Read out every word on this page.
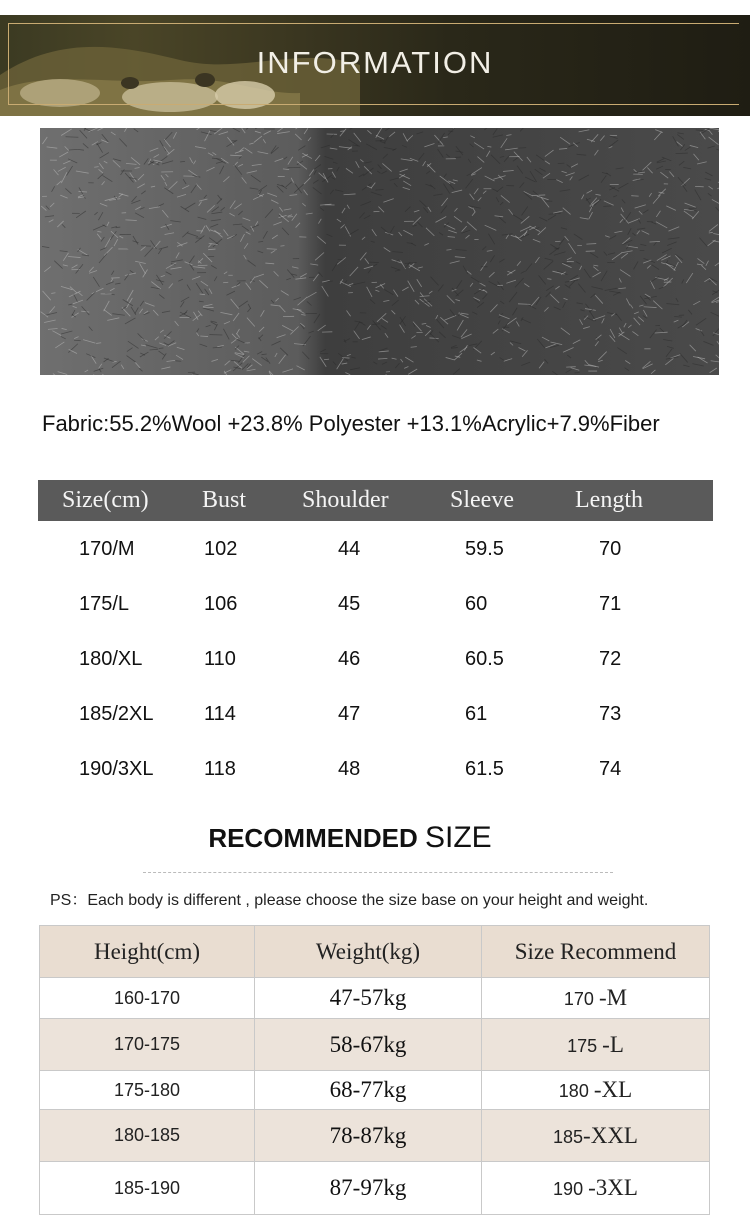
INFORMATION
Fabric:55.2%Wool +23.8% Polyester +13.1%Acrylic+7.9%Fiber
Size(cm) Bust Shoulder	Sleeve	Length
170/M	102	44	59.5	70
175/L	106	45	60	71
180/XL	110	46	60.5	72
185/2XL	114	47	61	73
190/3XL	118	48	61.5	74
RECOMMENDED SIZE
PS：Each body is different , please choose the size base on your height and weight.
Height(cm)	Weight(kg)	Size Recommend
160-170	47-57kg	170 -M
170-175	58-67kg	175 -L
175-180	68-77kg	180 -XL
180-185	78-87kg	185-XXL
185-190	87-97kg	190 -3XL
